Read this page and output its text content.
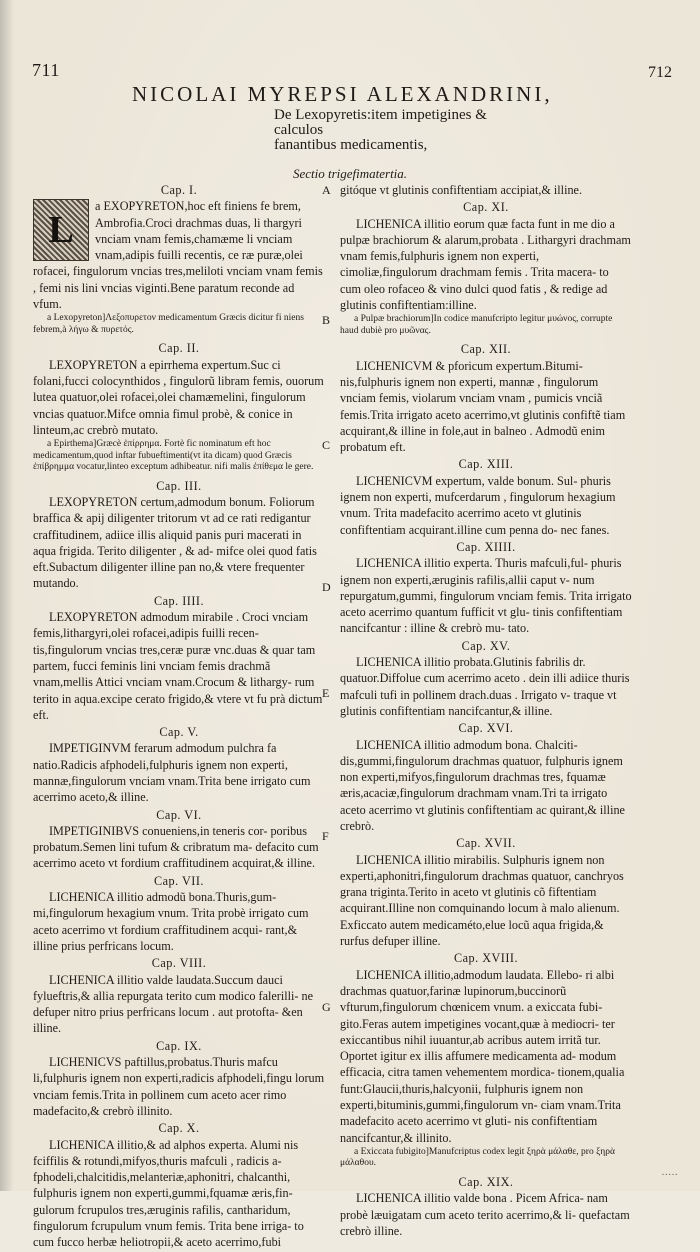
711	712
NICOLAI MYREPSI ALEXANDRINI,
De Lexopyretis:item impetigines & calculos
fanantibus medicamentis,
Sectio trigefimatertia.
A
B
C
D
E
F
G

Cap. I.

L

a EXOPYRETON,hoc eft finiens fe brem, Ambrofia.Croci drachmas duas, li thargyri vnciam vnam femis,chamæme li vnciam vnam,adipis fuilli recentis, ce ræ puræ,olei rofacei, fingulorum vncias tres,meliloti vnciam vnam femis , femi nis lini vncias viginti.Bene paratum reconde ad vfum.

a Lexopyreton]Λεξοπυρετον medicamentum Græcis dicitur fi niens febrem,à λήγω & πυρετός.

Cap. II.

LEXOPYRETON a epirrhema expertum.Suc ci folani,fucci colocynthidos , fingulorũ libram femis, ouorum lutea quatuor,olei rofacei,olei chamæmelini, fingulorum vncias quatuor.Mifce omnia fimul probè, & conice in linteum,ac crebrò mutato.

a Epirthema]Græcè ἐπίρρημα. Fortè fic nominatum eft hoc medicamentum,quod inftar fubueftimenti(vt ita dicam) quod Græcis ἐπίβρημμα vocatur,linteo exceptum adhibeatur. nifi malis ἐπίθεμα le gere.

Cap. III.

LEXOPYRETON certum,admodum bonum. Foliorum braffica & apij diligenter tritorum vt ad ce rati redigantur craffitudinem, adiice illis aliquid panis puri macerati in aqua frigida. Terito diligenter , & ad- mifce olei quod fatis eft.Subactum diligenter illine pan no,& vtere frequenter mutando.

Cap. IIII.

LEXOPYRETON admodum mirabile . Croci vnciam femis,lithargyri,olei rofacei,adipis fuilli recen- tis,fingulorum vncias tres,ceræ puræ vnc.duas & quar tam partem, fucci feminis lini vnciam femis drachmã vnam,mellis Attici vnciam vnam.Crocum & lithargy- rum terito in aqua.excipe cerato frigido,& vtere vt fu prà dictum eft.

Cap. V.

IMPETIGINVM ferarum admodum pulchra fa natio.Radicis afphodeli,fulphuris ignem non experti, mannæ,fingulorum vnciam vnam.Trita bene irrigato cum acerrimo aceto,& illine.

Cap. VI.

IMPETIGINIBVS conueniens,in teneris cor- poribus probatum.Semen lini tufum & cribratum ma- defacito cum acerrimo aceto vt fordium craffitudinem acquirat,& illine.

Cap. VII.

LICHENICA illitio admodũ bona.Thuris,gum- mi,fingulorum hexagium vnum. Trita probè irrigato cum aceto acerrimo vt fordium craffitudinem acqui- rant,& illine prius perfricans locum.

Cap. VIII.

LICHENICA illitio valde laudata.Succum dauci fylueftris,& allia repurgata terito cum modico falerilli- ne defuper nitro prius perfricans locum . aut protofta- &en illine.

Cap. IX.

LICHENICVS paftillus,probatus.Thuris mafcu li,fulphuris ignem non experti,radicis afphodeli,fingu lorum vnciam femis.Trita in pollinem cum aceto acer rimo madefacito,& crebrò illinito.

Cap. X.

LICHENICA illitio,& ad alphos experta. Alumi nis fciffilis & rotundi,mifyos,thuris mafculi , radicis a- fphodeli,chalcitidis,melanteriæ,aphonitri, chalcanthi, fulphuris ignem non experti,gummi,fquamæ æris,fin- gulorum fcrupulos tres,æruginis rafilis, cantharidum, fingulorum fcrupulum vnum femis. Trita bene irriga- to cum fucco herbæ heliotropii,& aceto acerrimo,fubi

gitóque vt glutinis confiftentiam accipiat,& illine.

Cap. XI.

LICHENICA illitio eorum quæ facta funt in me dio a pulpæ brachiorum & alarum,probata . Lithargyri drachmam vnam femis,fulphuris ignem non experti, cimoliæ,fingulorum drachmam femis . Trita macera- to cum oleo rofaceo & vino dulci quod fatis , & redige ad glutinis confiftentiam:illine.

a Pulpæ brachiorum]In codice manufcripto legitur μυώνος, corrupte haud dubiè pro μυῶνας.

Cap. XII.

LICHENICVM & pforicum expertum.Bitumi- nis,fulphuris ignem non experti, mannæ , fingulorum vnciam femis, violarum vnciam vnam , pumicis vnciã femis.Trita irrigato aceto acerrimo,vt glutinis confiftẽ tiam acquirant,& illine in fole,aut in balneo . Admodũ enim probatum eft.

Cap. XIII.

LICHENICVM expertum, valde bonum. Sul- phuris ignem non experti, mufcerdarum , fingulorum hexagium vnum. Trita madefacito acerrimo aceto vt glutinis confiftentiam acquirant.illine cum penna do- nec fanes.

Cap. XIIII.

LICHENICA illitio experta. Thuris mafculi,ful- phuris ignem non experti,æruginis rafilis,allii caput v- num repurgatum,gummi, fingulorum vnciam femis. Trita irrigato aceto acerrimo quantum fufficit vt glu- tinis confiftentiam nancifcantur : illine & crebrò mu- tato.

Cap. XV.

LICHENICA illitio probata.Glutinis fabrilis dr. quatuor.Diffolue cum acerrimo aceto . dein illi adiice thuris mafculi tufi in pollinem drach.duas . Irrigato v- traque vt glutinis confiftentiam nancifcantur,& illine.

Cap. XVI.

LICHENICA illitio admodum bona. Chalciti- dis,gummi,fingulorum drachmas quatuor, fulphuris ignem non experti,mifyos,fingulorum drachmas tres, fquamæ æris,acaciæ,fingulorum drachmam vnam.Tri ta irrigato aceto acerrimo vt glutinis confiftentiam ac quirant,& illine crebrò.

Cap. XVII.

LICHENICA illitio mirabilis. Sulphuris ignem non experti,aphonitri,fingulorum drachmas quatuor, canchryos grana triginta.Terito in aceto vt glutinis cõ fiftentiam acquirant.Illine non comquinando locum à malo alienum. Exficcato autem medicaméto,elue locũ aqua frigida,& rurfus defuper illine.

Cap. XVIII.

LICHENICA illitio,admodum laudata. Ellebo- ri albi drachmas quatuor,farinæ lupinorum,buccinorũ vfturum,fingulorum chœnicem vnum. a exiccata fubi- gito.Feras autem impetigines vocant,quæ à mediocri- ter exiccantibus nihil iuuantur,ab acribus autem irritã tur. Oportet igitur ex illis affumere medicamenta ad- modum efficacia, citra tamen vehementem mordica- tionem,qualia funt:Glaucii,thuris,halcyonii, fulphuris ignem non experti,bituminis,gummi,fingulorum vn- ciam vnam.Trita madefacito aceto acerrimo vt gluti- nis confiftentiam nancifcantur,& illinito.

a Exiccata fubigito]Manufcriptus codex legit ξηρὰ μάλαθε, pro ξηρὰ μάλαθου.

Cap. XIX.

LICHENICA illitio valde bona . Picem Africa- nam probè læuigatam cum aceto terito acerrimo,& li- quefactam crebrò illine.

·····
